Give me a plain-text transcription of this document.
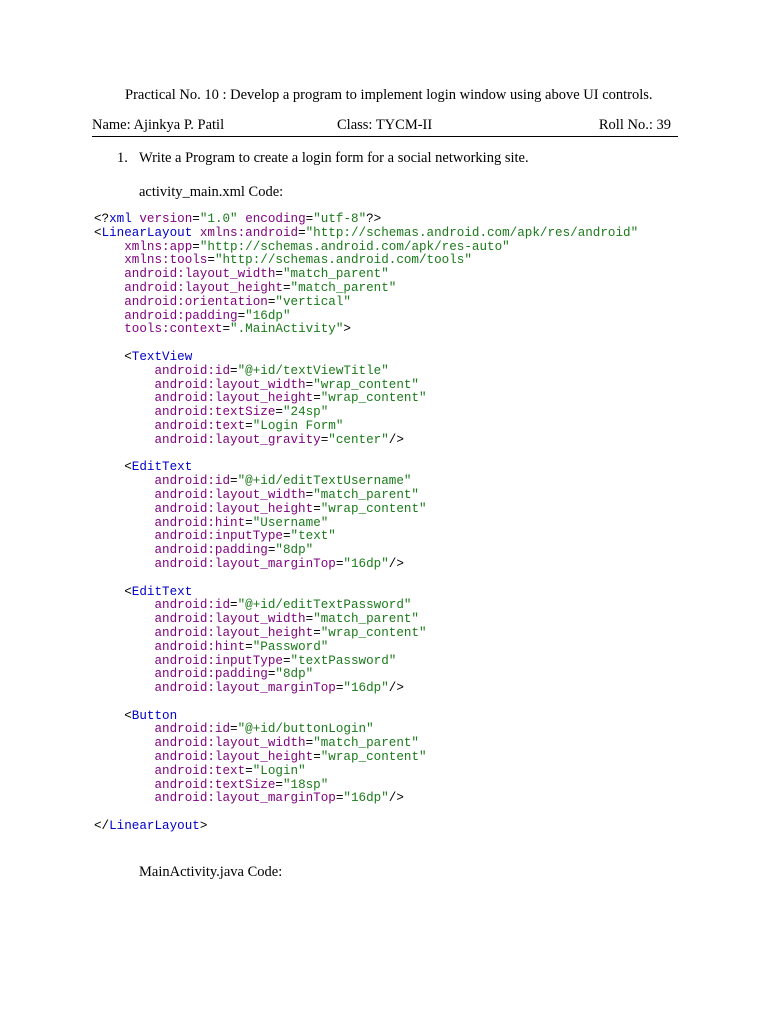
Practical No. 10 : Develop a program to implement login window using above UI controls.
Name: Ajinkya P. Patil	Class: TYCM-II	Roll No.: 39
1. Write a Program to create a login form for a social networking site.
activity_main.xml Code:
<?xml version="1.0" encoding="utf-8"?>
<LinearLayout xmlns:android="http://schemas.android.com/apk/res/android"
xmlns:app="http://schemas.android.com/apk/res-auto"
xmlns:tools="http://schemas.android.com/tools"
android:layout_width="match_parent"
android:layout_height="match_parent"
android:orientation="vertical"
android:padding="16dp"
tools:context=".MainActivity">

<TextView
android:id="@+id/textViewTitle"
android:layout_width="wrap_content"
android:layout_height="wrap_content"
android:textSize="24sp"
android:text="Login Form"
android:layout_gravity="center"/>

<EditText
android:id="@+id/editTextUsername"
android:layout_width="match_parent"
android:layout_height="wrap_content"
android:hint="Username"
android:inputType="text"
android:padding="8dp"
android:layout_marginTop="16dp"/>

<EditText
android:id="@+id/editTextPassword"
android:layout_width="match_parent"
android:layout_height="wrap_content"
android:hint="Password"
android:inputType="textPassword"
android:padding="8dp"
android:layout_marginTop="16dp"/>

<Button
android:id="@+id/buttonLogin"
android:layout_width="match_parent"
android:layout_height="wrap_content"
android:text="Login"
android:textSize="18sp"
android:layout_marginTop="16dp"/>

</LinearLayout>
MainActivity.java Code:
